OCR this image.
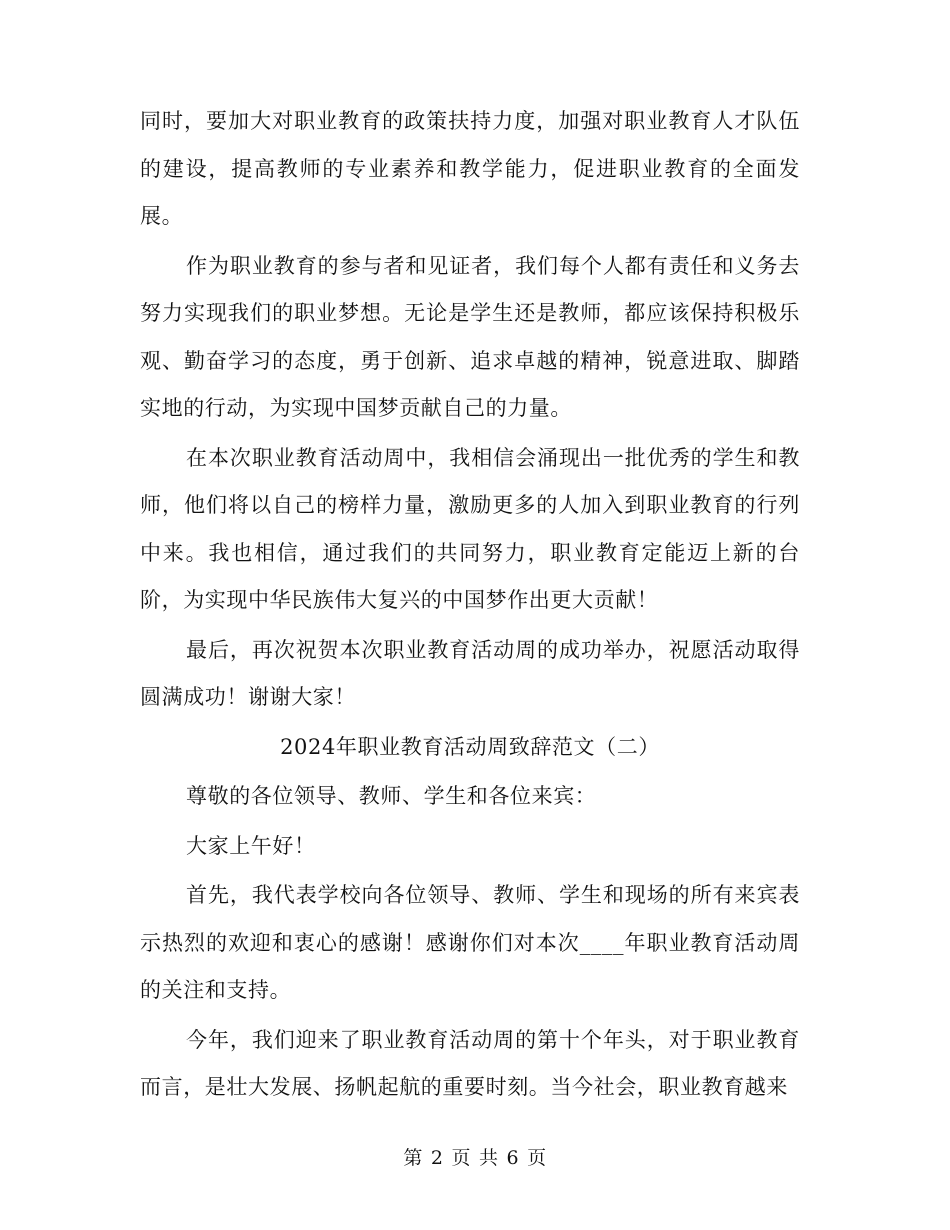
同时，要加大对职业教育的政策扶持力度，加强对职业教育人才队伍的建设，提高教师的专业素养和教学能力，促进职业教育的全面发展。

作为职业教育的参与者和见证者，我们每个人都有责任和义务去努力实现我们的职业梦想。无论是学生还是教师，都应该保持积极乐观、勤奋学习的态度，勇于创新、追求卓越的精神，锐意进取、脚踏实地的行动，为实现中国梦贡献自己的力量。

在本次职业教育活动周中，我相信会涌现出一批优秀的学生和教师，他们将以自己的榜样力量，激励更多的人加入到职业教育的行列中来。我也相信，通过我们的共同努力，职业教育定能迈上新的台阶，为实现中华民族伟大复兴的中国梦作出更大贡献！

最后，再次祝贺本次职业教育活动周的成功举办，祝愿活动取得圆满成功！谢谢大家！

2024年职业教育活动周致辞范文（二）

尊敬的各位领导、教师、学生和各位来宾：

大家上午好！

首先，我代表学校向各位领导、教师、学生和现场的所有来宾表示热烈的欢迎和衷心的感谢！感谢你们对本次____年职业教育活动周的关注和支持。

今年，我们迎来了职业教育活动周的第十个年头，对于职业教育而言，是壮大发展、扬帆起航的重要时刻。当今社会，职业教育越来

第 2 页 共 6 页
